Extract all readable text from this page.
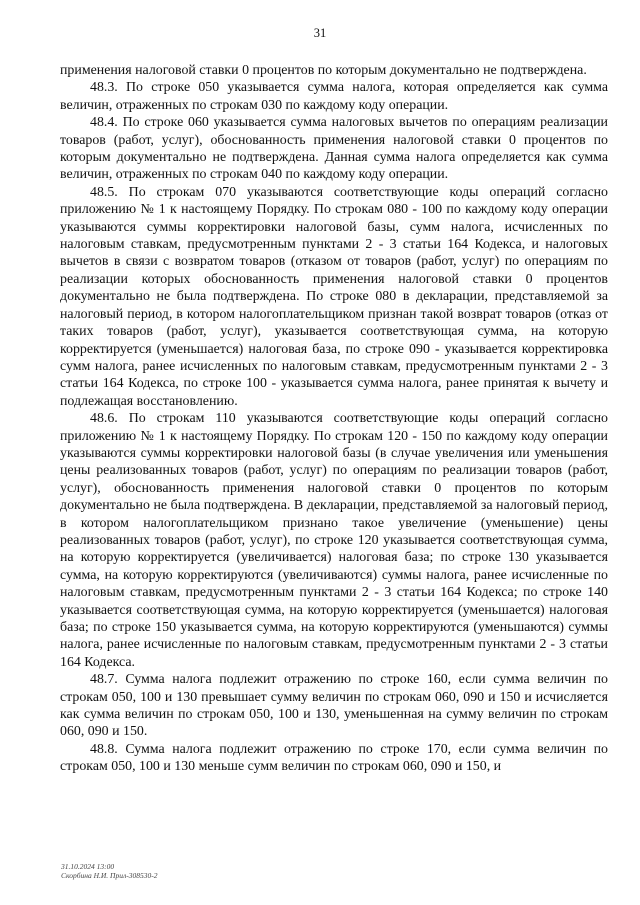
31

применения налоговой ставки 0 процентов по которым документально не подтверждена.

48.3. По строке 050 указывается сумма налога, которая определяется как сумма величин, отраженных по строкам 030 по каждому коду операции.

48.4. По строке 060 указывается сумма налоговых вычетов по операциям реализации товаров (работ, услуг), обоснованность применения налоговой ставки 0 процентов по которым документально не подтверждена. Данная сумма налога определяется как сумма величин, отраженных по строкам 040 по каждому коду операции.

48.5. По строкам 070 указываются соответствующие коды операций согласно приложению № 1 к настоящему Порядку. По строкам 080 - 100 по каждому коду операции указываются суммы корректировки налоговой базы, сумм налога, исчисленных по налоговым ставкам, предусмотренным пунктами 2 - 3 статьи 164 Кодекса, и налоговых вычетов в связи с возвратом товаров (отказом от товаров (работ, услуг) по операциям по реализации которых обоснованность применения налоговой ставки 0 процентов документально не была подтверждена. По строке 080 в декларации, представляемой за налоговый период, в котором налогоплательщиком признан такой возврат товаров (отказ от таких товаров (работ, услуг), указывается соответствующая сумма, на которую корректируется (уменьшается) налоговая база, по строке 090 - указывается корректировка сумм налога, ранее исчисленных по налоговым ставкам, предусмотренным пунктами 2 - 3 статьи 164 Кодекса, по строке 100 - указывается сумма налога, ранее принятая к вычету и подлежащая восстановлению.

48.6. По строкам 110 указываются соответствующие коды операций согласно приложению № 1 к настоящему Порядку. По строкам 120 - 150 по каждому коду операции указываются суммы корректировки налоговой базы (в случае увеличения или уменьшения цены реализованных товаров (работ, услуг) по операциям по реализации товаров (работ, услуг), обоснованность применения налоговой ставки 0 процентов по которым документально не была подтверждена. В декларации, представляемой за налоговый период, в котором налогоплательщиком признано такое увеличение (уменьшение) цены реализованных товаров (работ, услуг), по строке 120 указывается соответствующая сумма, на которую корректируется (увеличивается) налоговая база; по строке 130 указывается сумма, на которую корректируются (увеличиваются) суммы налога, ранее исчисленные по налоговым ставкам, предусмотренным пунктами 2 - 3 статьи 164 Кодекса; по строке 140 указывается соответствующая сумма, на которую корректируется (уменьшается) налоговая база; по строке 150 указывается сумма, на которую корректируются (уменьшаются) суммы налога, ранее исчисленные по налоговым ставкам, предусмотренным пунктами 2 - 3 статьи 164 Кодекса.

48.7. Сумма налога подлежит отражению по строке 160, если сумма величин по строкам 050, 100 и 130 превышает сумму величин по строкам 060, 090 и 150 и исчисляется как сумма величин по строкам 050, 100 и 130, уменьшенная на сумму величин по строкам 060, 090 и 150.

48.8. Сумма налога подлежит отражению по строке 170, если сумма величин по строкам 050, 100 и 130 меньше сумм величин по строкам 060, 090 и 150, и

31.10.2024 13:00
Скорбина Н.И. Прил-308530-2
